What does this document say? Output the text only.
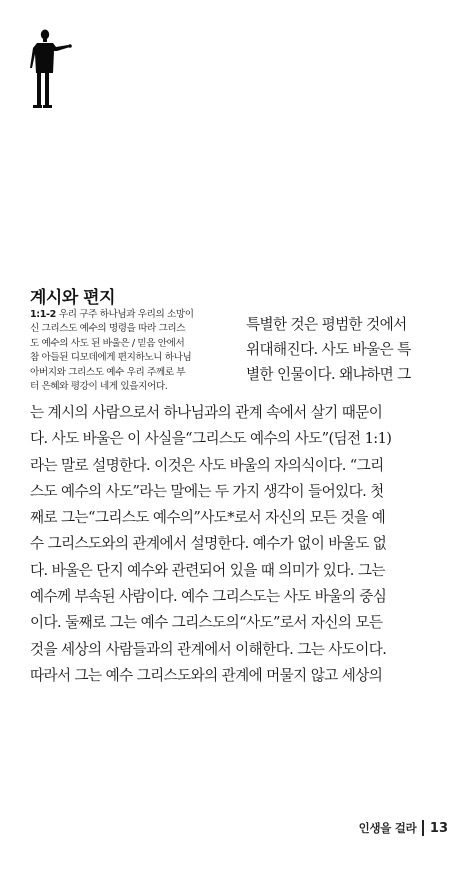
계시와 편지
1:1-2 우리 구주 하나님과 우리의 소망이
신 그리스도 예수의 명령을 따라 그리스
도 예수의 사도 된 바울은 / 믿음 안에서
참 아들된 디모데에게 편지하노니 하나님
아버지와 그리스도 예수 우리 주께로 부
터 은혜와 평강이 네게 있을지어다.
특별한 것은 평범한 것에서
위대해진다. 사도 바울은 특
별한 인물이다. 왜냐하면 그
는 계시의 사람으로서 하나님과의 관계 속에서 살기 때문이
다. 사도 바울은 이 사실을“그리스도 예수의 사도”(딤전 1:1)
라는 말로 설명한다. 이것은 사도 바울의 자의식이다. “그리
스도 예수의 사도”라는 말에는 두 가지 생각이 들어있다. 첫
째로 그는“그리스도 예수의”사도*로서 자신의 모든 것을 예
수 그리스도와의 관계에서 설명한다. 예수가 없이 바울도 없
다. 바울은 단지 예수와 관련되어 있을 때 의미가 있다. 그는
예수께 부속된 사람이다. 예수 그리스도는 사도 바울의 중심
이다. 둘째로 그는 예수 그리스도의“사도”로서 자신의 모든
것을 세상의 사람들과의 관계에서 이해한다. 그는 사도이다.
따라서 그는 예수 그리스도와의 관계에 머물지 않고 세상의
인생을 걸라 13
